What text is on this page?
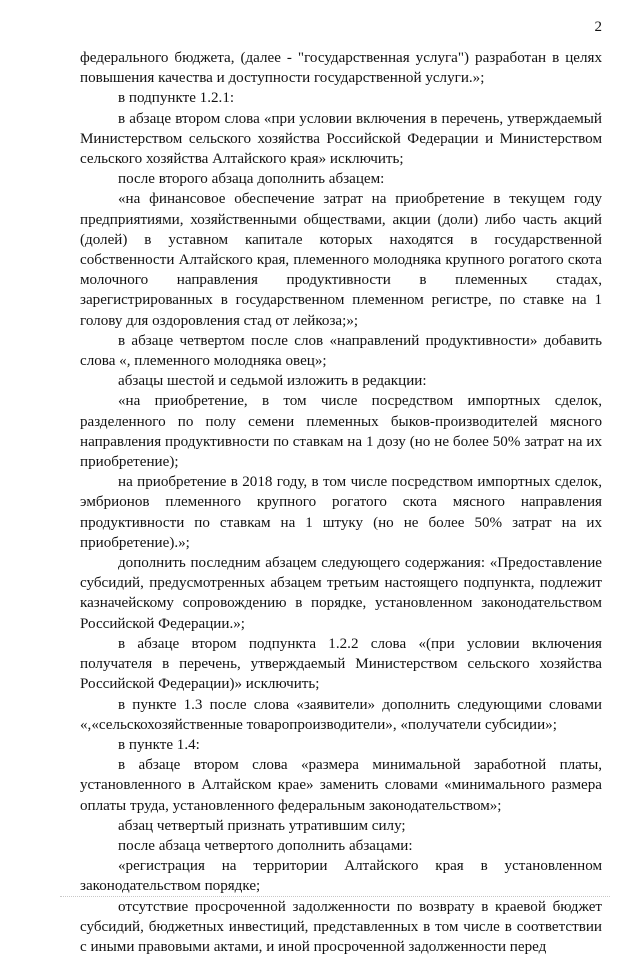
2

федерального бюджета, (далее - "государственная услуга") разработан в целях повышения качества и доступности государственной услуги.»;

в подпункте 1.2.1:

в абзаце втором слова «при условии включения в перечень, утверждаемый Министерством сельского хозяйства Российской Федерации и Министерством сельского хозяйства Алтайского края» исключить;

после второго абзаца дополнить абзацем:

«на финансовое обеспечение затрат на приобретение в текущем году предприятиями, хозяйственными обществами, акции (доли) либо часть акций (долей) в уставном капитале которых находятся в государственной собственности Алтайского края, племенного молодняка крупного рогатого скота молочного направления продуктивности в племенных стадах, зарегистрированных в государственном племенном регистре, по ставке на 1 голову для оздоровления стад от лейкоза;»;

в абзаце четвертом после слов «направлений продуктивности» добавить слова «, племенного молодняка овец»;

абзацы шестой и седьмой изложить в редакции:

«на приобретение, в том числе посредством импортных сделок, разделенного по полу семени племенных быков-производителей мясного направления продуктивности по ставкам на 1 дозу (но не более 50% затрат на их приобретение);

на приобретение в 2018 году, в том числе посредством импортных сделок, эмбрионов племенного крупного рогатого скота мясного направления продуктивности по ставкам на 1 штуку (но не более 50% затрат на их приобретение).»;

дополнить последним абзацем следующего содержания: «Предоставление субсидий, предусмотренных абзацем третьим настоящего подпункта, подлежит казначейскому сопровождению в порядке, установленном законодательством Российской Федерации.»;

в абзаце втором подпункта 1.2.2 слова «(при условии включения получателя в перечень, утверждаемый Министерством сельского хозяйства Российской Федерации)» исключить;

в пункте 1.3 после слова «заявители» дополнить следующими словами «,«сельскохозяйственные товаропроизводители», «получатели субсидии»;

в пункте 1.4:

в абзаце втором слова «размера минимальной заработной платы, установленного в Алтайском крае» заменить словами «минимального размера оплаты труда, установленного федеральным законодательством»;

абзац четвертый признать утратившим силу;

после абзаца четвертого дополнить абзацами:

«регистрация на территории Алтайского края в установленном законодательством порядке;

отсутствие просроченной задолженности по возврату в краевой бюджет субсидий, бюджетных инвестиций, представленных в том числе в соответствии с иными правовыми актами, и иной просроченной задолженности перед
